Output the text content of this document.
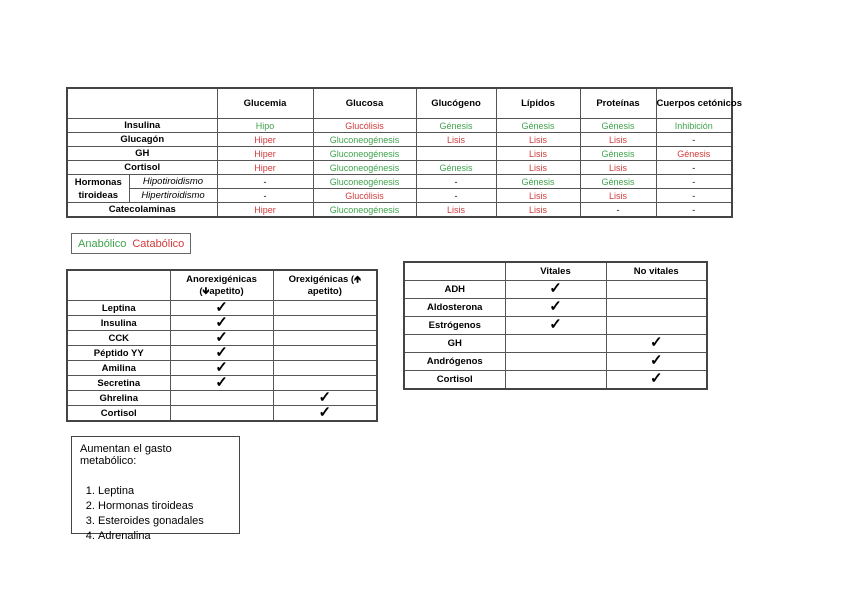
		Glucemia	Glucosa	Glucógeno	Lípidos	Proteínas	Cuerpos cetónicos
Insulina		Hipo	Glucólisis	Génesis	Génesis	Génesis	Inhibición
Glucagón		Hiper	Gluconeogénesis	Lisis	Lisis	Lisis	-
GH		Hiper	Gluconeogénesis		Lisis	Génesis	Génesis
Cortisol		Hiper	Gluconeogénesis	Génesis	Lisis	Lisis	-
Hormonas tiroideas	Hipotiroidismo	-	Gluconeogénesis	-	Génesis	Génesis	-
	Hipertiroidismo	-	Glucólisis	-	Lisis	Lisis	-
Catecolaminas		Hiper	Gluconeogénesis	Lisis	Lisis	-	-
Anabólico Catabólico
	Anorexigénicas (🡻apetito)	Orexigénicas (🡹 apetito)
Leptina	✓	
Insulina	✓	
CCK	✓	
Péptido YY	✓	
Amilina	✓	
Secretina	✓	
Ghrelina		✓
Cortisol		✓
	Vitales	No vitales
ADH	✓	
Aldosterona	✓	
Estrógenos	✓	
GH		✓
Andrógenos		✓
Cortisol		✓
Aumentan el gasto metabólico:
1. Leptina
2. Hormonas tiroideas
3. Esteroides gonadales
4. Adrenalina
